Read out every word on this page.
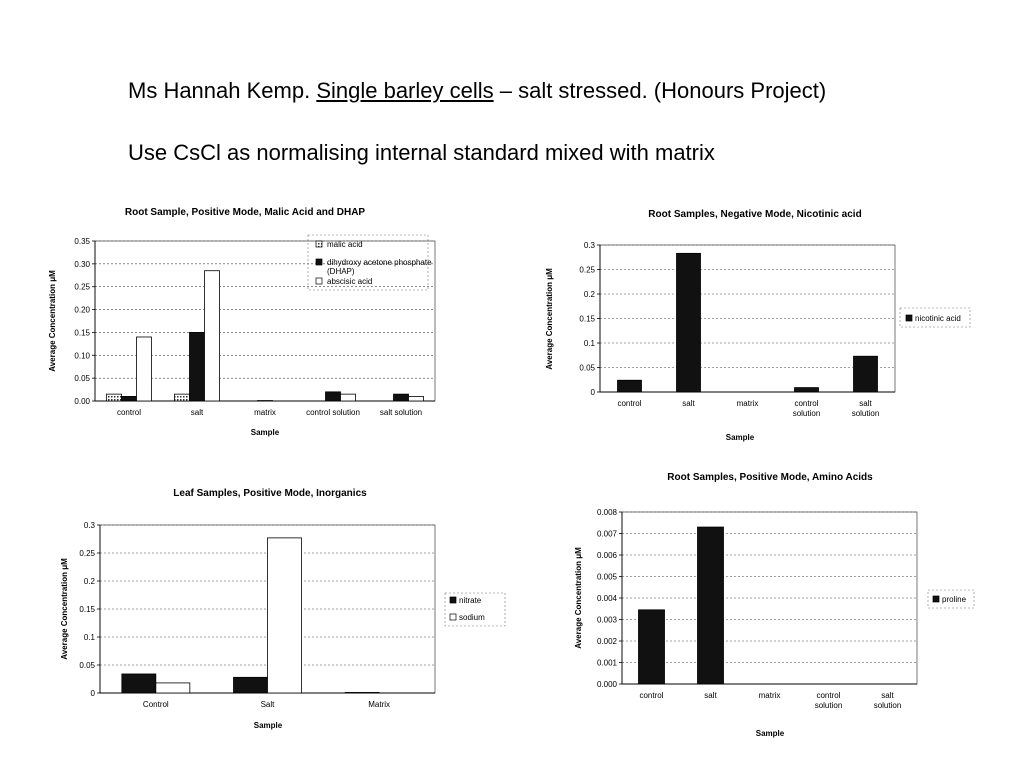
Ms Hannah Kemp. Single barley cells – salt stressed. (Honours Project)
Use CsCl as normalising internal standard mixed with matrix
Root Sample, Positive Mode, Malic Acid and DHAP
0.00
0.05
0.10
0.15
0.20
0.25
0.30
0.35
control	salt	matrix	control solution salt solution
Sample
Average Concentration μM
malic acid
dihydroxy acetone phosphate
(DHAP)
abscisic acid
Root Samples, Negative Mode, Nicotinic acid
0
0.05
0.1
0.15
0.2
0.25
0.3
control	salt	matrix	control
solution
salt
solution
Sample
Average Concentration μM	nicotinic acid
Leaf Samples, Positive Mode, Inorganics
0
0.05
0.1
0.15
0.2
0.25
0.3
Control	Salt	Matrix
Sample
Average Concentration μM	nitrate
sodium
Root Samples, Positive Mode, Amino Acids
0.000
0.001
0.002
0.003
0.004
0.005
0.006
0.007
0.008
control	salt	matrix	control
solution
salt
solution
Sample
Average Concentration μM	proline
